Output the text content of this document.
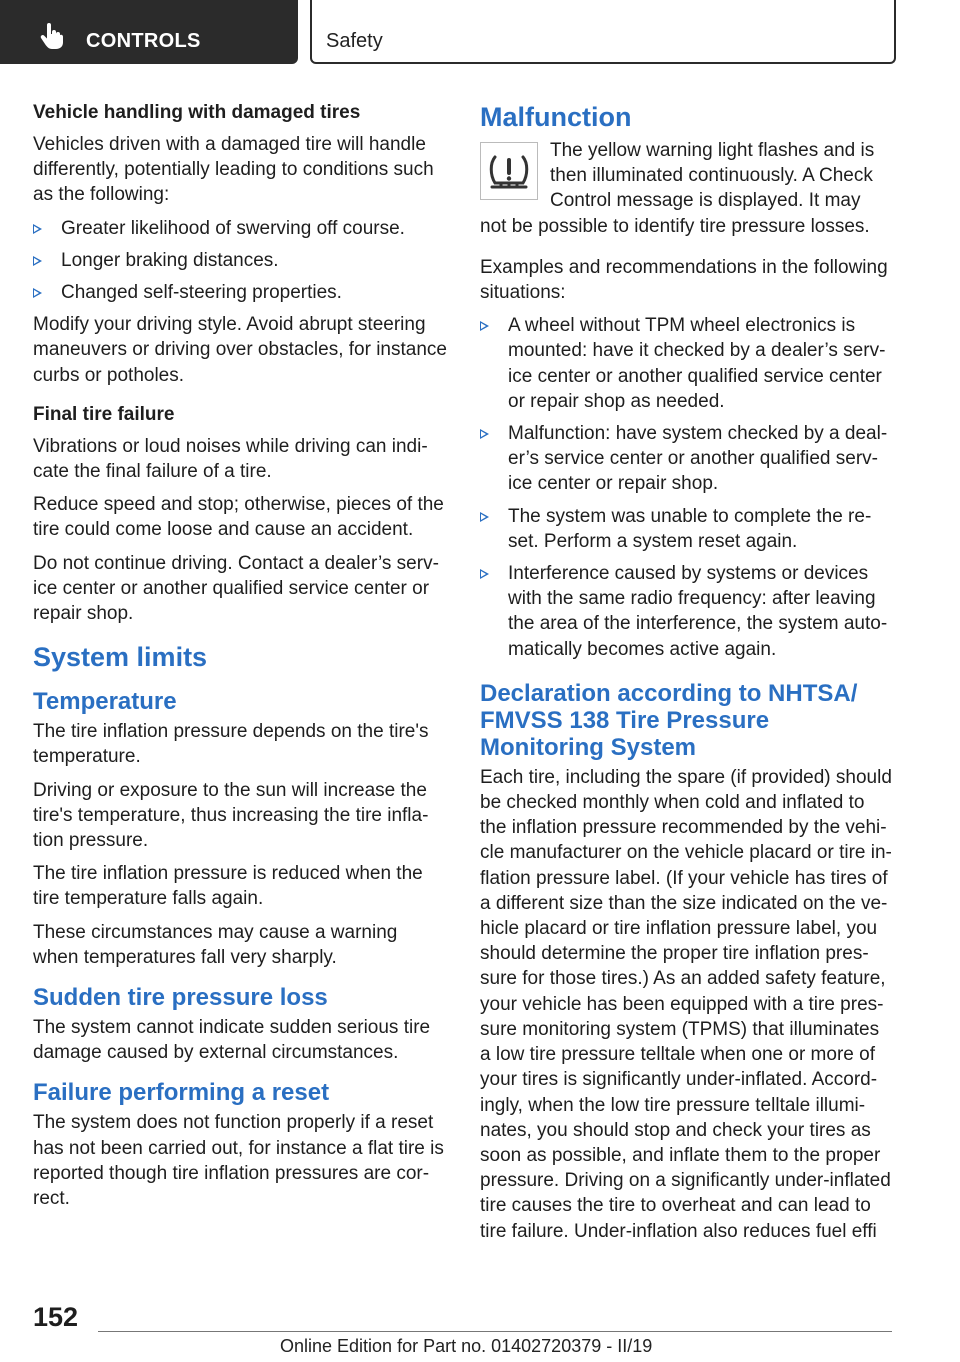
CONTROLS	Safety
Vehicle handling with damaged tires

Vehicles driven with a damaged tire will handle differently, potentially leading to conditions such as the following:

Greater likelihood of swerving off course.
Longer braking distances.
Changed self-steering properties.

Modify your driving style. Avoid abrupt steering maneuvers or driving over obstacles, for instance curbs or potholes.

Final tire failure

Vibrations or loud noises while driving can indicate the final failure of a tire.

Reduce speed and stop; otherwise, pieces of the tire could come loose and cause an accident.

Do not continue driving. Contact a dealer’s service center or another qualified service center or repair shop.

System limits
Temperature

The tire inflation pressure depends on the tire's temperature.

Driving or exposure to the sun will increase the tire's temperature, thus increasing the tire inflation pressure.

The tire inflation pressure is reduced when the tire temperature falls again.

These circumstances may cause a warning when temperatures fall very sharply.

Sudden tire pressure loss

The system cannot indicate sudden serious tire damage caused by external circumstances.

Failure performing a reset

The system does not function properly if a reset has not been carried out, for instance a flat tire is reported though tire inflation pressures are correct.

Malfunction

The yellow warning light flashes and is then illuminated continuously. A Check Control message is displayed. It may not be possible to identify tire pressure losses.

Examples and recommendations in the following situations:

A wheel without TPM wheel electronics is mounted: have it checked by a dealer’s service center or another qualified service center or repair shop as needed.
Malfunction: have system checked by a dealer’s service center or another qualified service center or repair shop.
The system was unable to complete the reset. Perform a system reset again.
Interference caused by systems or devices with the same radio frequency: after leaving the area of the interference, the system automatically becomes active again.
Declaration according to NHTSA/ FMVSS 138 Tire Pressure Monitoring System

Each tire, including the spare (if provided) should be checked monthly when cold and inflated to the inflation pressure recommended by the vehicle manufacturer on the vehicle placard or tire inflation pressure label. (If your vehicle has tires of a different size than the size indicated on the vehicle placard or tire inflation pressure label, you should determine the proper tire inflation pressure for those tires.) As an added safety feature, your vehicle has been equipped with a tire pressure monitoring system (TPMS) that illuminates a low tire pressure telltale when one or more of your tires is significantly under-inflated. Accordingly, when the low tire pressure telltale illuminates, you should stop and check your tires as soon as possible, and inflate them to the proper pressure. Driving on a significantly under-inflated tire causes the tire to overheat and can lead to tire failure. Under-inflation also reduces fuel effi

152
Online Edition for Part no. 01402720379 - II/19
